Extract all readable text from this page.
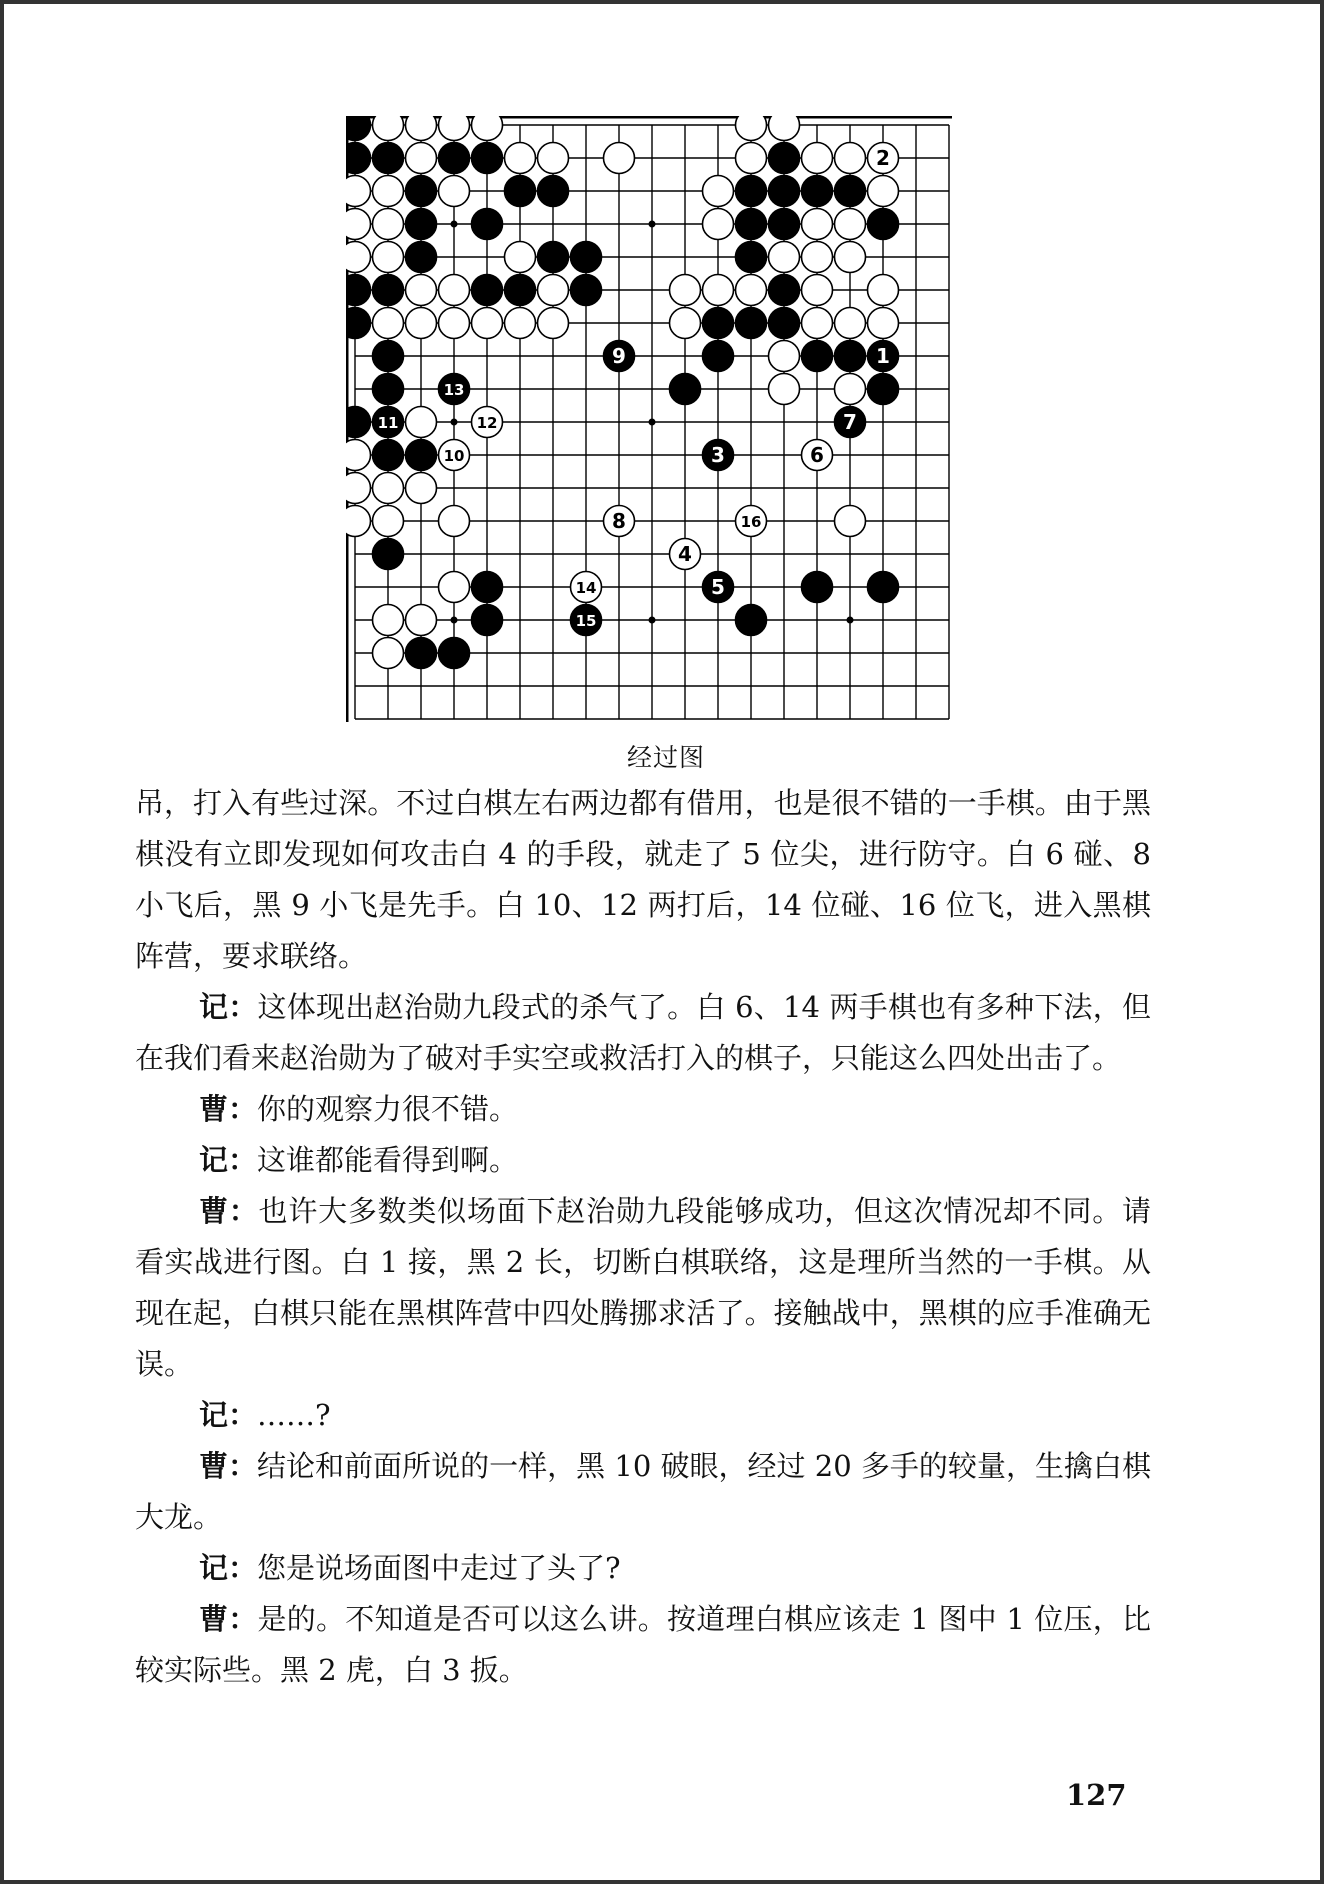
1
2
3
4
5
6
7
8
9
10
11	12
13
14
15
16
经过图

吊，打入有些过深。不过白棋左右两边都有借用，也是很不错的一手棋。由于黑棋没有立即发现如何攻击白 4 的手段，就走了 5 位尖，进行防守。白 6 碰、8 小飞后，黑 9 小飞是先手。白 10、12 两打后，14 位碰、16 位飞，进入黑棋阵营，要求联络。

记：这体现出赵治勋九段式的杀气了。白 6、14 两手棋也有多种下法，但在我们看来赵治勋为了破对手实空或救活打入的棋子，只能这么四处出击了。

曹：你的观察力很不错。

记：这谁都能看得到啊。

曹：也许大多数类似场面下赵治勋九段能够成功，但这次情况却不同。请看实战进行图。白 1 接，黑 2 长，切断白棋联络，这是理所当然的一手棋。从现在起，白棋只能在黑棋阵营中四处腾挪求活了。接触战中，黑棋的应手准确无误。

记：……?

曹：结论和前面所说的一样，黑 10 破眼，经过 20 多手的较量，生擒白棋大龙。

记：您是说场面图中走过了头了?

曹：是的。不知道是否可以这么讲。按道理白棋应该走 1 图中 1 位压，比较实际些。黑 2 虎，白 3 扳。

127
